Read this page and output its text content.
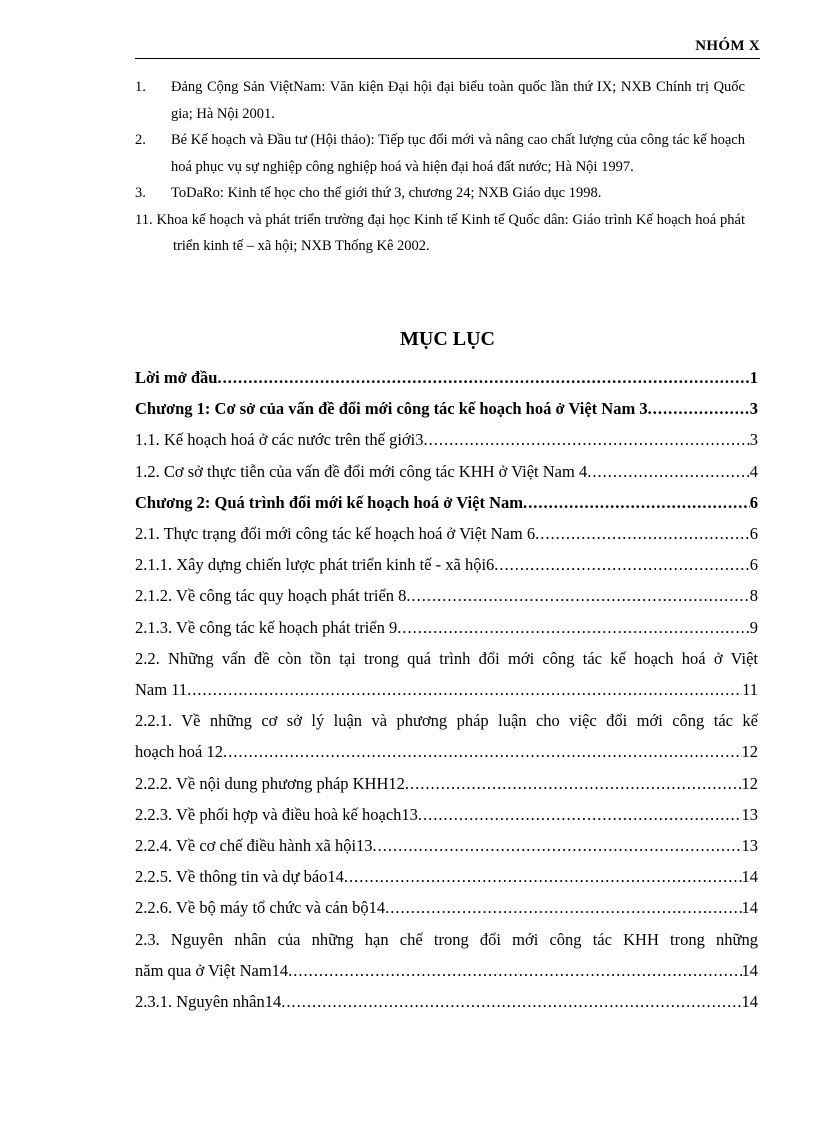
NHÓM X
1. Đảng Cộng Sản ViệtNam: Văn kiện Đại hội đại biểu toàn quốc lần thứ IX; NXB Chính trị Quốc gia; Hà Nội 2001.
2. Bé Kế hoạch và Đầu tư (Hội thảo): Tiếp tục đổi mới và nâng cao chất lượng của công tác kế hoạch hoá phục vụ sự nghiệp công nghiệp hoá và hiện đại hoá đất nước; Hà Nội 1997.
3. ToDaRo: Kinh tế học cho thế giới thứ 3, chương 24; NXB Giáo dục 1998.
11. Khoa kế hoạch và phát triển trường đại học Kinh tế Kinh tế Quốc dân: Giáo trình Kế hoạch hoá phát triển kinh tế – xã hội; NXB Thống Kê 2002.
MỤC LỤC
Lời mở đầu .....	1
Chương 1: Cơ sở của vấn đề đổi mới công tác kế hoạch hoá ở Việt Nam 3 .....	3
1.1. Kế hoạch hoá ở các nước trên thế giới3 .....	3
1.2. Cơ sở thực tiễn của vấn đề đổi mới công tác KHH ở Việt Nam 4 .....	4
Chương 2: Quá trình đổi mới kế hoạch hoá ở Việt Nam .....	6
2.1. Thực trạng đổi mới công tác kế hoạch hoá ở Việt Nam 6 .....	6
2.1.1. Xây dựng chiến lược phát triển kinh tế - xã hội6 .....	6
2.1.2. Về công tác quy hoạch phát triển 8 .....	8
2.1.3. Về công tác kế hoạch phát triển 9 .....	9
2.2. Những vấn đề còn tồn tại trong quá trình đổi mới công tác kế hoạch hoá ở Việt
Nam 11 .....	11
2.2.1. Về những cơ sở lý luận và phương pháp luận cho việc đổi mới công tác kế
hoạch hoá 12 .....	12
2.2.2. Về nội dung phương pháp KHH12 .....	12
2.2.3. Về phối hợp và điều hoà kế hoạch13 .....	13
2.2.4. Về cơ chế điều hành xã hội13 .....	13
2.2.5. Về thông tin và dự báo14 .....	14
2.2.6. Về bộ máy tổ chức và cán bộ14 .....	14
2.3. Nguyên nhân của những hạn chế trong đổi mới công tác KHH trong những
năm qua ở Việt Nam14 .....	14
2.3.1. Nguyên nhân14 .....	14
